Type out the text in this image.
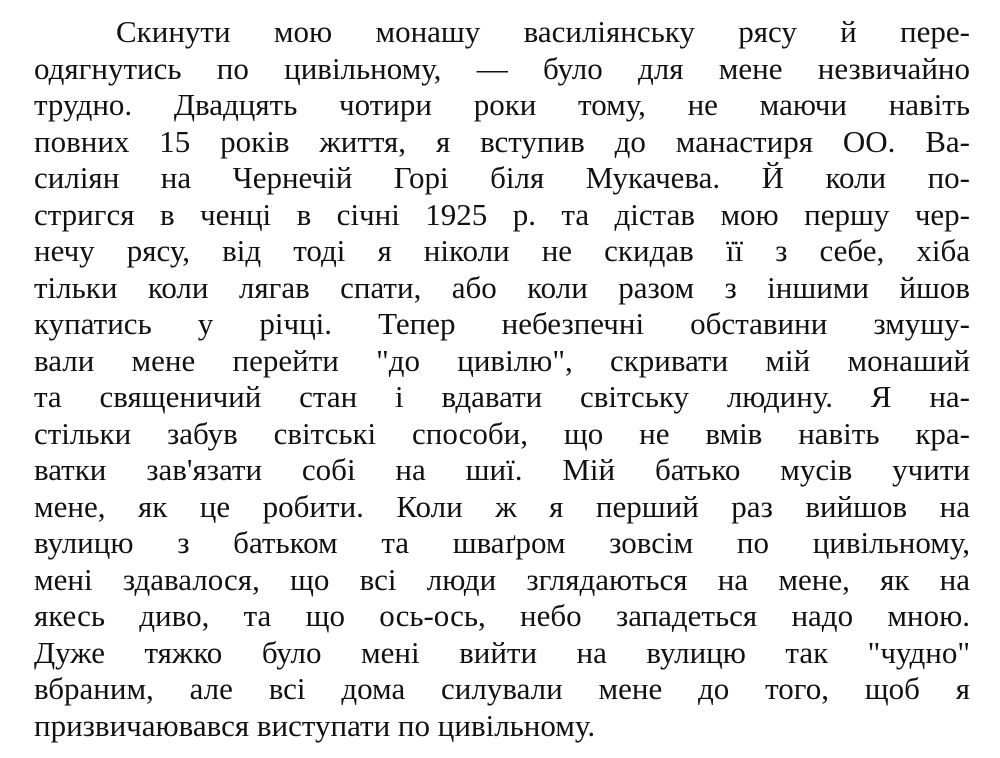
Скинути мою монашу василіянську рясу й пере-
одягнутись по цивільному, — було для мене незвичайно
трудно. Двадцять чотири роки тому, не маючи навіть
повних 15 років життя, я вступив до манастиря ОО. Ва-
силіян на Чернечій Горі біля Мукачева. Й коли по-
стригся в ченці в січні 1925 р. та дістав мою першу чер-
нечу рясу, від тоді я ніколи не скидав її з себе, хіба
тільки коли лягав спати, або коли разом з іншими йшов
купатись у річці. Тепер небезпечні обставини змушу-
вали мене перейти "до цивілю", скривати мій монаший
та священичий стан і вдавати світську людину. Я на-
стільки забув світські способи, що не вмів навіть кра-
ватки зав'язати собі на шиї. Мій батько мусів учити
мене, як це робити. Коли ж я перший раз вийшов на
вулицю з батьком та шваґром зовсім по цивільному,
мені здавалося, що всі люди зглядаються на мене, як на
якесь диво, та що ось-ось, небо западеться надо мною.
Дуже тяжко було мені вийти на вулицю так "чудно"
вбраним, але всі дома силували мене до того, щоб я
призвичаювався виступати по цивільному.
